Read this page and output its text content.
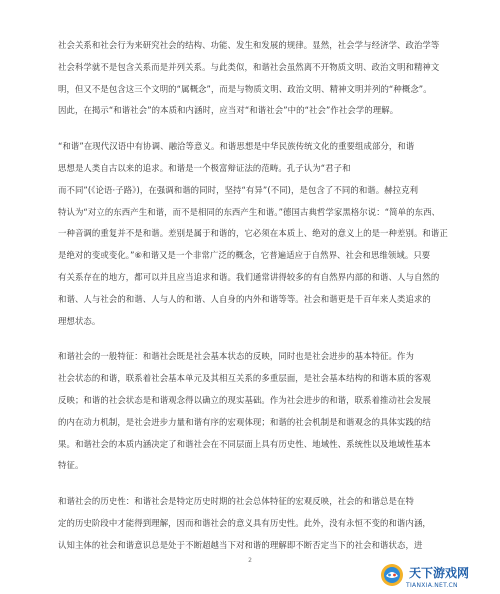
社会关系和社会行为来研究社会的结构、功能、发生和发展的规律。显然，社会学与经济学、政治学等
社会科学就不是包含关系而是并列关系。与此类似，和谐社会虽然离不开物质文明、政治文明和精神文
明，但又不是包含这三个文明的“属概念”，而是与物质文明、政治文明、精神文明并列的“种概念”。
因此，在揭示“和谐社会”的本质和内涵时，应当对“和谐社会”中的“社会”作社会学的理解。
“和谐”在现代汉语中有协调、融洽等意义。和谐思想是中华民族传统文化的重要组成部分，和谐
思想是人类自古以来的追求。和谐是一个极富辩证法的范畴。孔子认为“君子和
而不同”(《论语·子路》)，在强调和谐的同时，坚持“有异”(不同)，是包含了不同的和谐。赫拉克利
特认为“对立的东西产生和谐，而不是相同的东西产生和谐。”德国古典哲学家黑格尔说：“简单的东西、
一种音调的重复并不是和谐。差别是属于和谐的，它必须在本质上、绝对的意义上的是一种差别。和谐正
是绝对的变或变化。”⑥和谐又是一个非常广泛的概念，它普遍适应于自然界、社会和思维领域。只要
有关系存在的地方，都可以并且应当追求和谐。我们通常讲得较多的有自然界内部的和谐、人与自然的
和谐、人与社会的和谐、人与人的和谐、人自身的内外和谐等等。社会和谐更是千百年来人类追求的
理想状态。
和谐社会的一般特征：和谐社会既是社会基本状态的反映，同时也是社会进步的基本特征。作为
社会状态的和谐，联系着社会基本单元及其相互关系的多重层面，是社会基本结构的和谐本质的客观
反映；和谐的社会状态是和谐观念得以确立的现实基础。作为社会进步的和谐，联系着推动社会发展
的内在动力机制，是社会进步力量和谐有序的宏观体现；和谐的社会机制是和谐观念的具体实践的结
果。和谐社会的本质内涵决定了和谐社会在不同层面上具有历史性、地域性、系统性以及地域性基本
特征。
和谐社会的历史性：和谐社会是特定历史时期的社会总体特征的宏观反映，社会的和谐总是在特
定的历史阶段中才能得到理解，因而和谐社会的意义具有历史性。此外，没有永恒不变的和谐内涵，
认知主体的社会和谐意识总是处于不断超越当下对和谐的理解即不断否定当下的社会和谐状态，进
2
天下游戏网
TIANXIA.NET.CN
